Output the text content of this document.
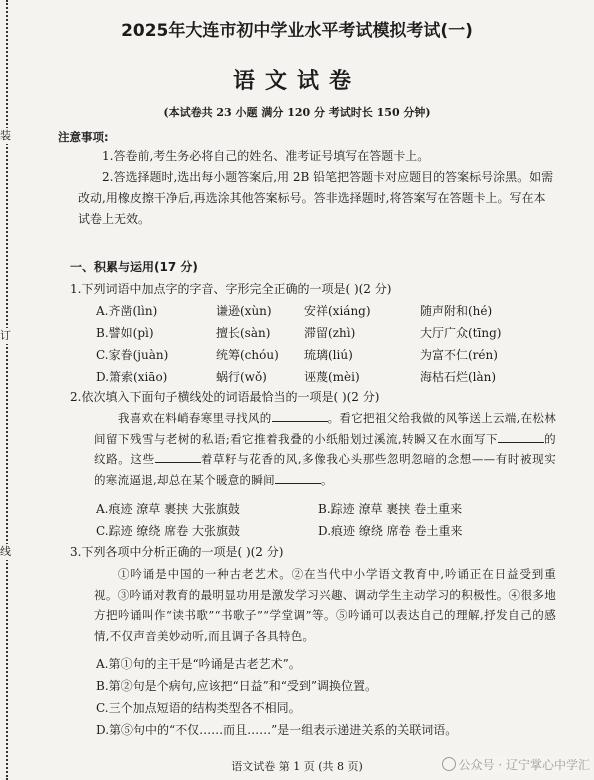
装
订
线
2025年大连市初中学业水平考试模拟考试(一)
语文试卷
(本试卷共 23 小题 满分 120 分 考试时长 150 分钟)
注意事项:

1.答卷前,考生务必将自己的姓名、准考证号填写在答题卡上。

2.答选择题时,选出每小题答案后,用 2B 铅笔把答题卡对应题目的答案标号涂黑。如需改动,用橡皮擦干净后,再选涂其他答案标号。答非选择题时,将答案写在答题卡上。写在本试卷上无效。

一、积累与运用(17 分)
1.下列词语中加点字的字音、字形完全正确的一项是( )(2 分)
A.齐凿(lìn)	谦逊(xùn)	安祥(xiáng)	随声附和(hé)
B.譬如(pì)	擅长(sàn)	滞留(zhì)	大厅广众(tīng)
C.家眷(juàn)	统筹(chóu) 琉璃(liú)	为富不仁(rén)
D.箫索(xiāo)	蜗行(wǒ)	诬蔑(mèi)	海枯石烂(làn)
2.依次填入下面句子横线处的词语最恰当的一项是( )(2 分)
我喜欢在料峭春寒里寻找风的	。看它把祖父给我做的风筝送上云端,在松林间留下残雪与老树的私语;看它推着我叠的小纸船划过溪流,转瞬又在水面写下	的纹路。这些	着草籽与花香的风,多像我心头那些忽明忽暗的念想——有时被现实的寒流逼退,却总在某个暖意的瞬间	。
A.痕迹 潦草 裹挟 大张旗鼓	B.踪迹 潦草 裹挟 卷土重来
C.踪迹 缭绕 席卷 大张旗鼓	D.痕迹 缭绕 席卷 卷土重来
3.下列各项中分析正确的一项是( )(2 分)
①吟诵是中国的一种古老艺术。②在当代中小学语文教育中,吟诵正在日益受到重视。③吟诵对教育的最明显功用是激发学习兴趣、调动学生主动学习的积极性。④很多地方把吟诵叫作“读书歌”“书歌子”“学堂调”等。⑤吟诵可以表达自己的理解,抒发自己的感情,不仅声音美妙动听,而且调子各具特色。
A.第①句的主干是“吟诵是古老艺术”。
B.第②句是个病句,应该把“日益”和“受到”调换位置。
C.三个加点短语的结构类型各不相同。
D.第⑤句中的“不仅……而且……”是一组表示递进关系的关联词语。
语文试卷 第 1 页 (共 8 页)	公众号 · 辽宁掌心中学汇
